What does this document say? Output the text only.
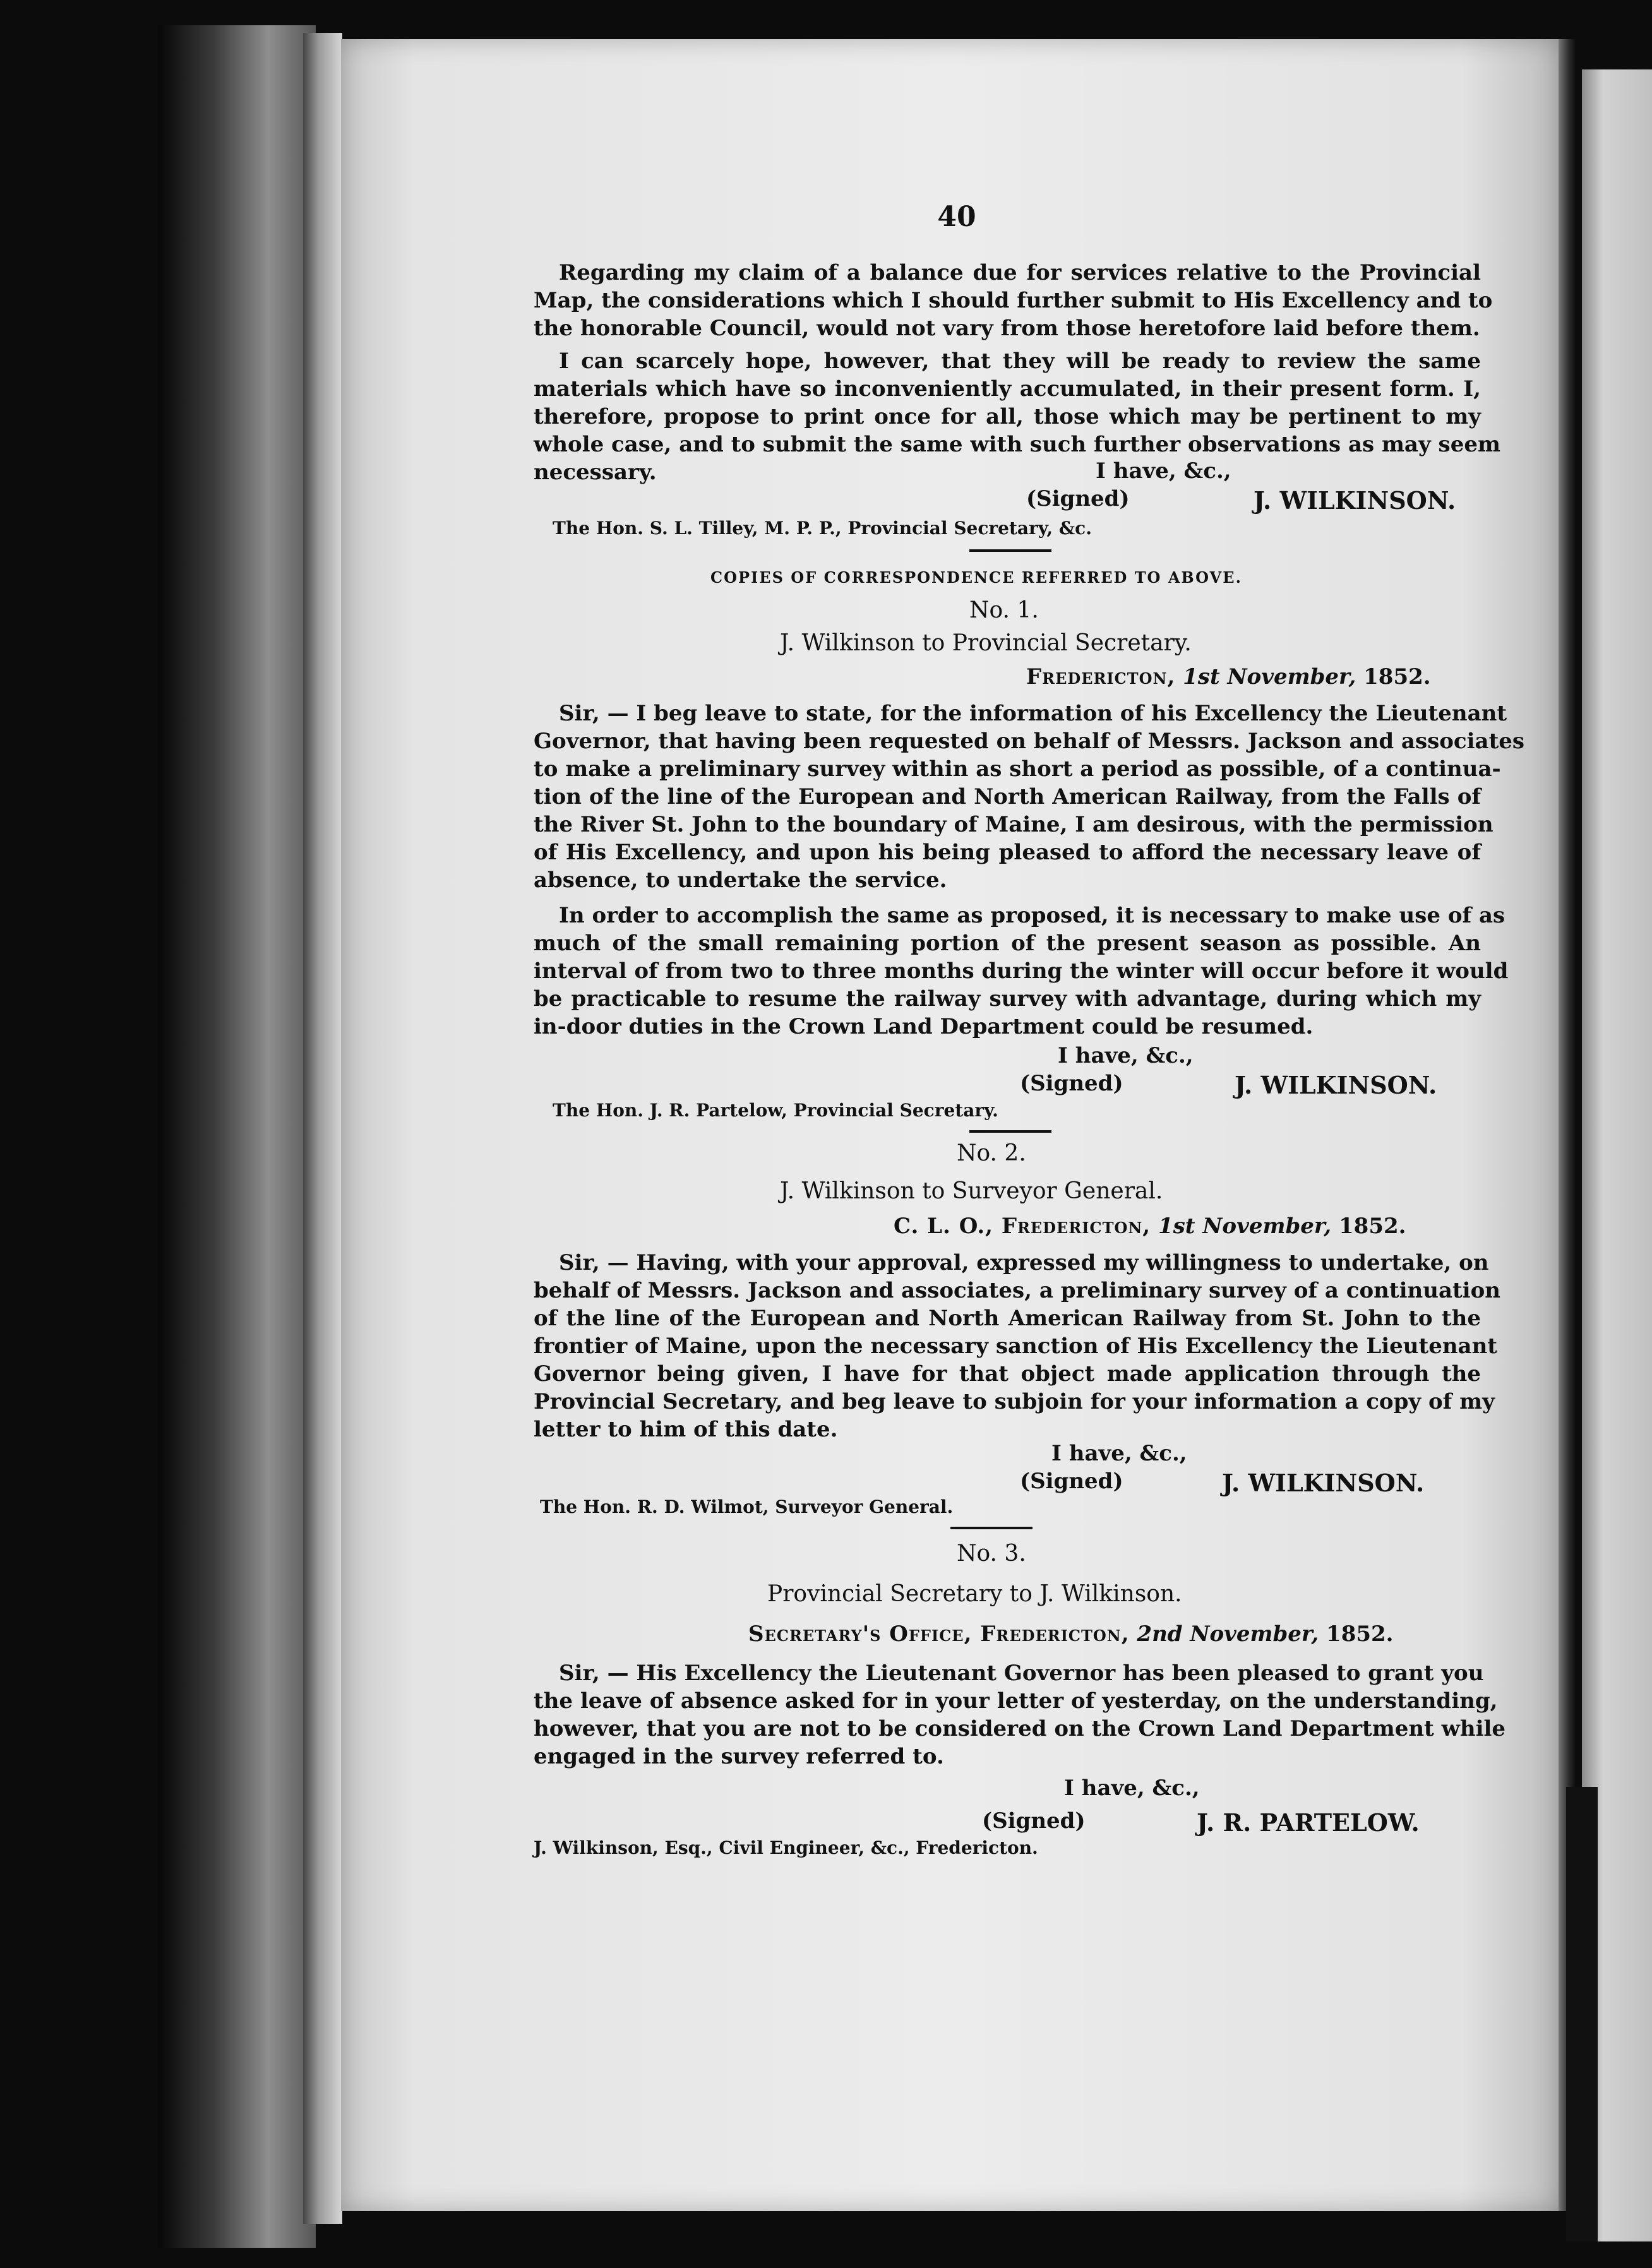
40
Regarding my claim of a balance due for services relative to the Provincial
Map, the considerations which I should further submit to His Excellency and to
the honorable Council, would not vary from those heretofore laid before them.
I can scarcely hope, however, that they will be ready to review the same
materials which have so inconveniently accumulated, in their present form. I,
therefore, propose to print once for all, those which may be pertinent to my
whole case, and to submit the same with such further observations as may seem
necessary.	I have, &c.,
(Signed)	J. WILKINSON.
The Hon. S. L. Tilley, M. P. P., Provincial Secretary, &c.
COPIES OF CORRESPONDENCE REFERRED TO ABOVE.
No. 1.
J. Wilkinson to Provincial Secretary.
Fredericton, 1st November, 1852.
Sir, — I beg leave to state, for the information of his Excellency the Lieutenant
Governor, that having been requested on behalf of Messrs. Jackson and associates
to make a preliminary survey within as short a period as possible, of a continua-
tion of the line of the European and North American Railway, from the Falls of
the River St. John to the boundary of Maine, I am desirous, with the permission
of His Excellency, and upon his being pleased to afford the necessary leave of
absence, to undertake the service.
In order to accomplish the same as proposed, it is necessary to make use of as
much of the small remaining portion of the present season as possible. An
interval of from two to three months during the winter will occur before it would
be practicable to resume the railway survey with advantage, during which my
in-door duties in the Crown Land Department could be resumed.
I have, &c.,
(Signed)	J. WILKINSON.
The Hon. J. R. Partelow, Provincial Secretary.
No. 2.
J. Wilkinson to Surveyor General.
C. L. O., Fredericton, 1st November, 1852.
Sir, — Having, with your approval, expressed my willingness to undertake, on
behalf of Messrs. Jackson and associates, a preliminary survey of a continuation
of the line of the European and North American Railway from St. John to the
frontier of Maine, upon the necessary sanction of His Excellency the Lieutenant
Governor being given, I have for that object made application through the
Provincial Secretary, and beg leave to subjoin for your information a copy of my
letter to him of this date.
I have, &c.,
(Signed)	J. WILKINSON.
The Hon. R. D. Wilmot, Surveyor General.
No. 3.
Provincial Secretary to J. Wilkinson.
Secretary's Office, Fredericton, 2nd November, 1852.
Sir, — His Excellency the Lieutenant Governor has been pleased to grant you
the leave of absence asked for in your letter of yesterday, on the understanding,
however, that you are not to be considered on the Crown Land Department while
engaged in the survey referred to.
I have, &c.,
(Signed)	J. R. PARTELOW.
J. Wilkinson, Esq., Civil Engineer, &c., Fredericton.
